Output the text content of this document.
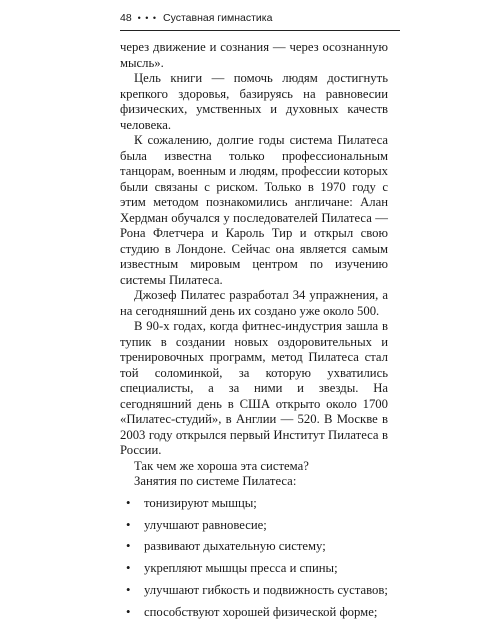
48 • • • Суставная гимнастика

через движение и сознания — через осознанную мысль».

Цель книги — помочь людям достигнуть крепкого здоровья, базируясь на равновесии физических, умственных и духовных качеств человека.

К сожалению, долгие годы система Пилатеса была известна только профессиональным танцорам, военным и людям, профессии которых были связаны с риском. Только в 1970 году с этим методом познакомились англичане: Алан Хердман обучался у последователей Пилатеса — Рона Флетчера и Кароль Тир и открыл свою студию в Лондоне. Сейчас она является самым известным мировым центром по изучению системы Пилатеса.

Джозеф Пилатес разработал 34 упражнения, а на сегодняшний день их создано уже около 500.

В 90-х годах, когда фитнес-индустрия зашла в тупик в создании новых оздоровительных и тренировочных программ, метод Пилатеса стал той соломинкой, за которую ухватились специалисты, а за ними и звезды. На сегодняшний день в США открыто около 1700 «Пилатес-студий», в Англии — 520. В Москве в 2003 году открылся первый Институт Пилатеса в России.

Так чем же хороша эта система?

Занятия по системе Пилатеса:

• тонизируют мышцы;
• улучшают равновесие;
• развивают дыхательную систему;
• укрепляют мышцы пресса и спины;
• улучшают гибкость и подвижность суставов;
• способствуют хорошей физической форме;
